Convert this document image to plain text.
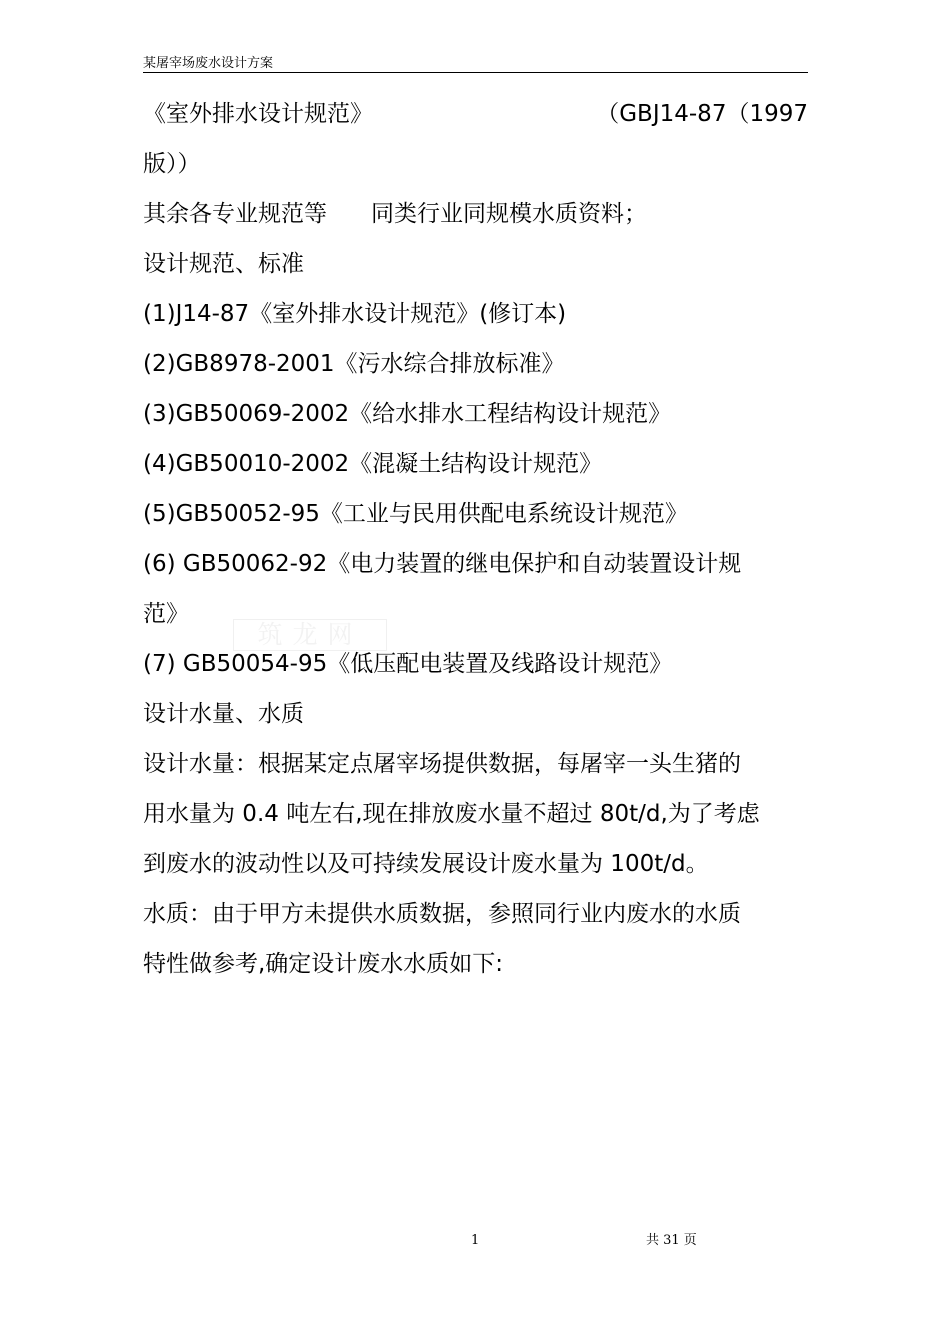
某屠宰场废水设计方案
《室外排水设计规范》	（GBJ14-87（1997
版））
其余各专业规范等 同类行业同规模水质资料；
设计规范、标准
(1)J14-87《室外排水设计规范》(修订本)
(2)GB8978-2001《污水综合排放标准》
(3)GB50069-2002《给水排水工程结构设计规范》
(4)GB50010-2002《混凝土结构设计规范》
(5)GB50052-95《工业与民用供配电系统设计规范》
(6) GB50062-92《电力装置的继电保护和自动装置设计规
范》
(7) GB50054-95《低压配电装置及线路设计规范》
设计水量、水质
设计水量：根据某定点屠宰场提供数据，每屠宰一头生猪的
用水量为 0.4 吨左右,现在排放废水量不超过 80t/d,为了考虑
到废水的波动性以及可持续发展设计废水量为 100t/d。
水质：由于甲方未提供水质数据，参照同行业内废水的水质
特性做参考,确定设计废水水质如下:
筑龙网
1	共 31 页
